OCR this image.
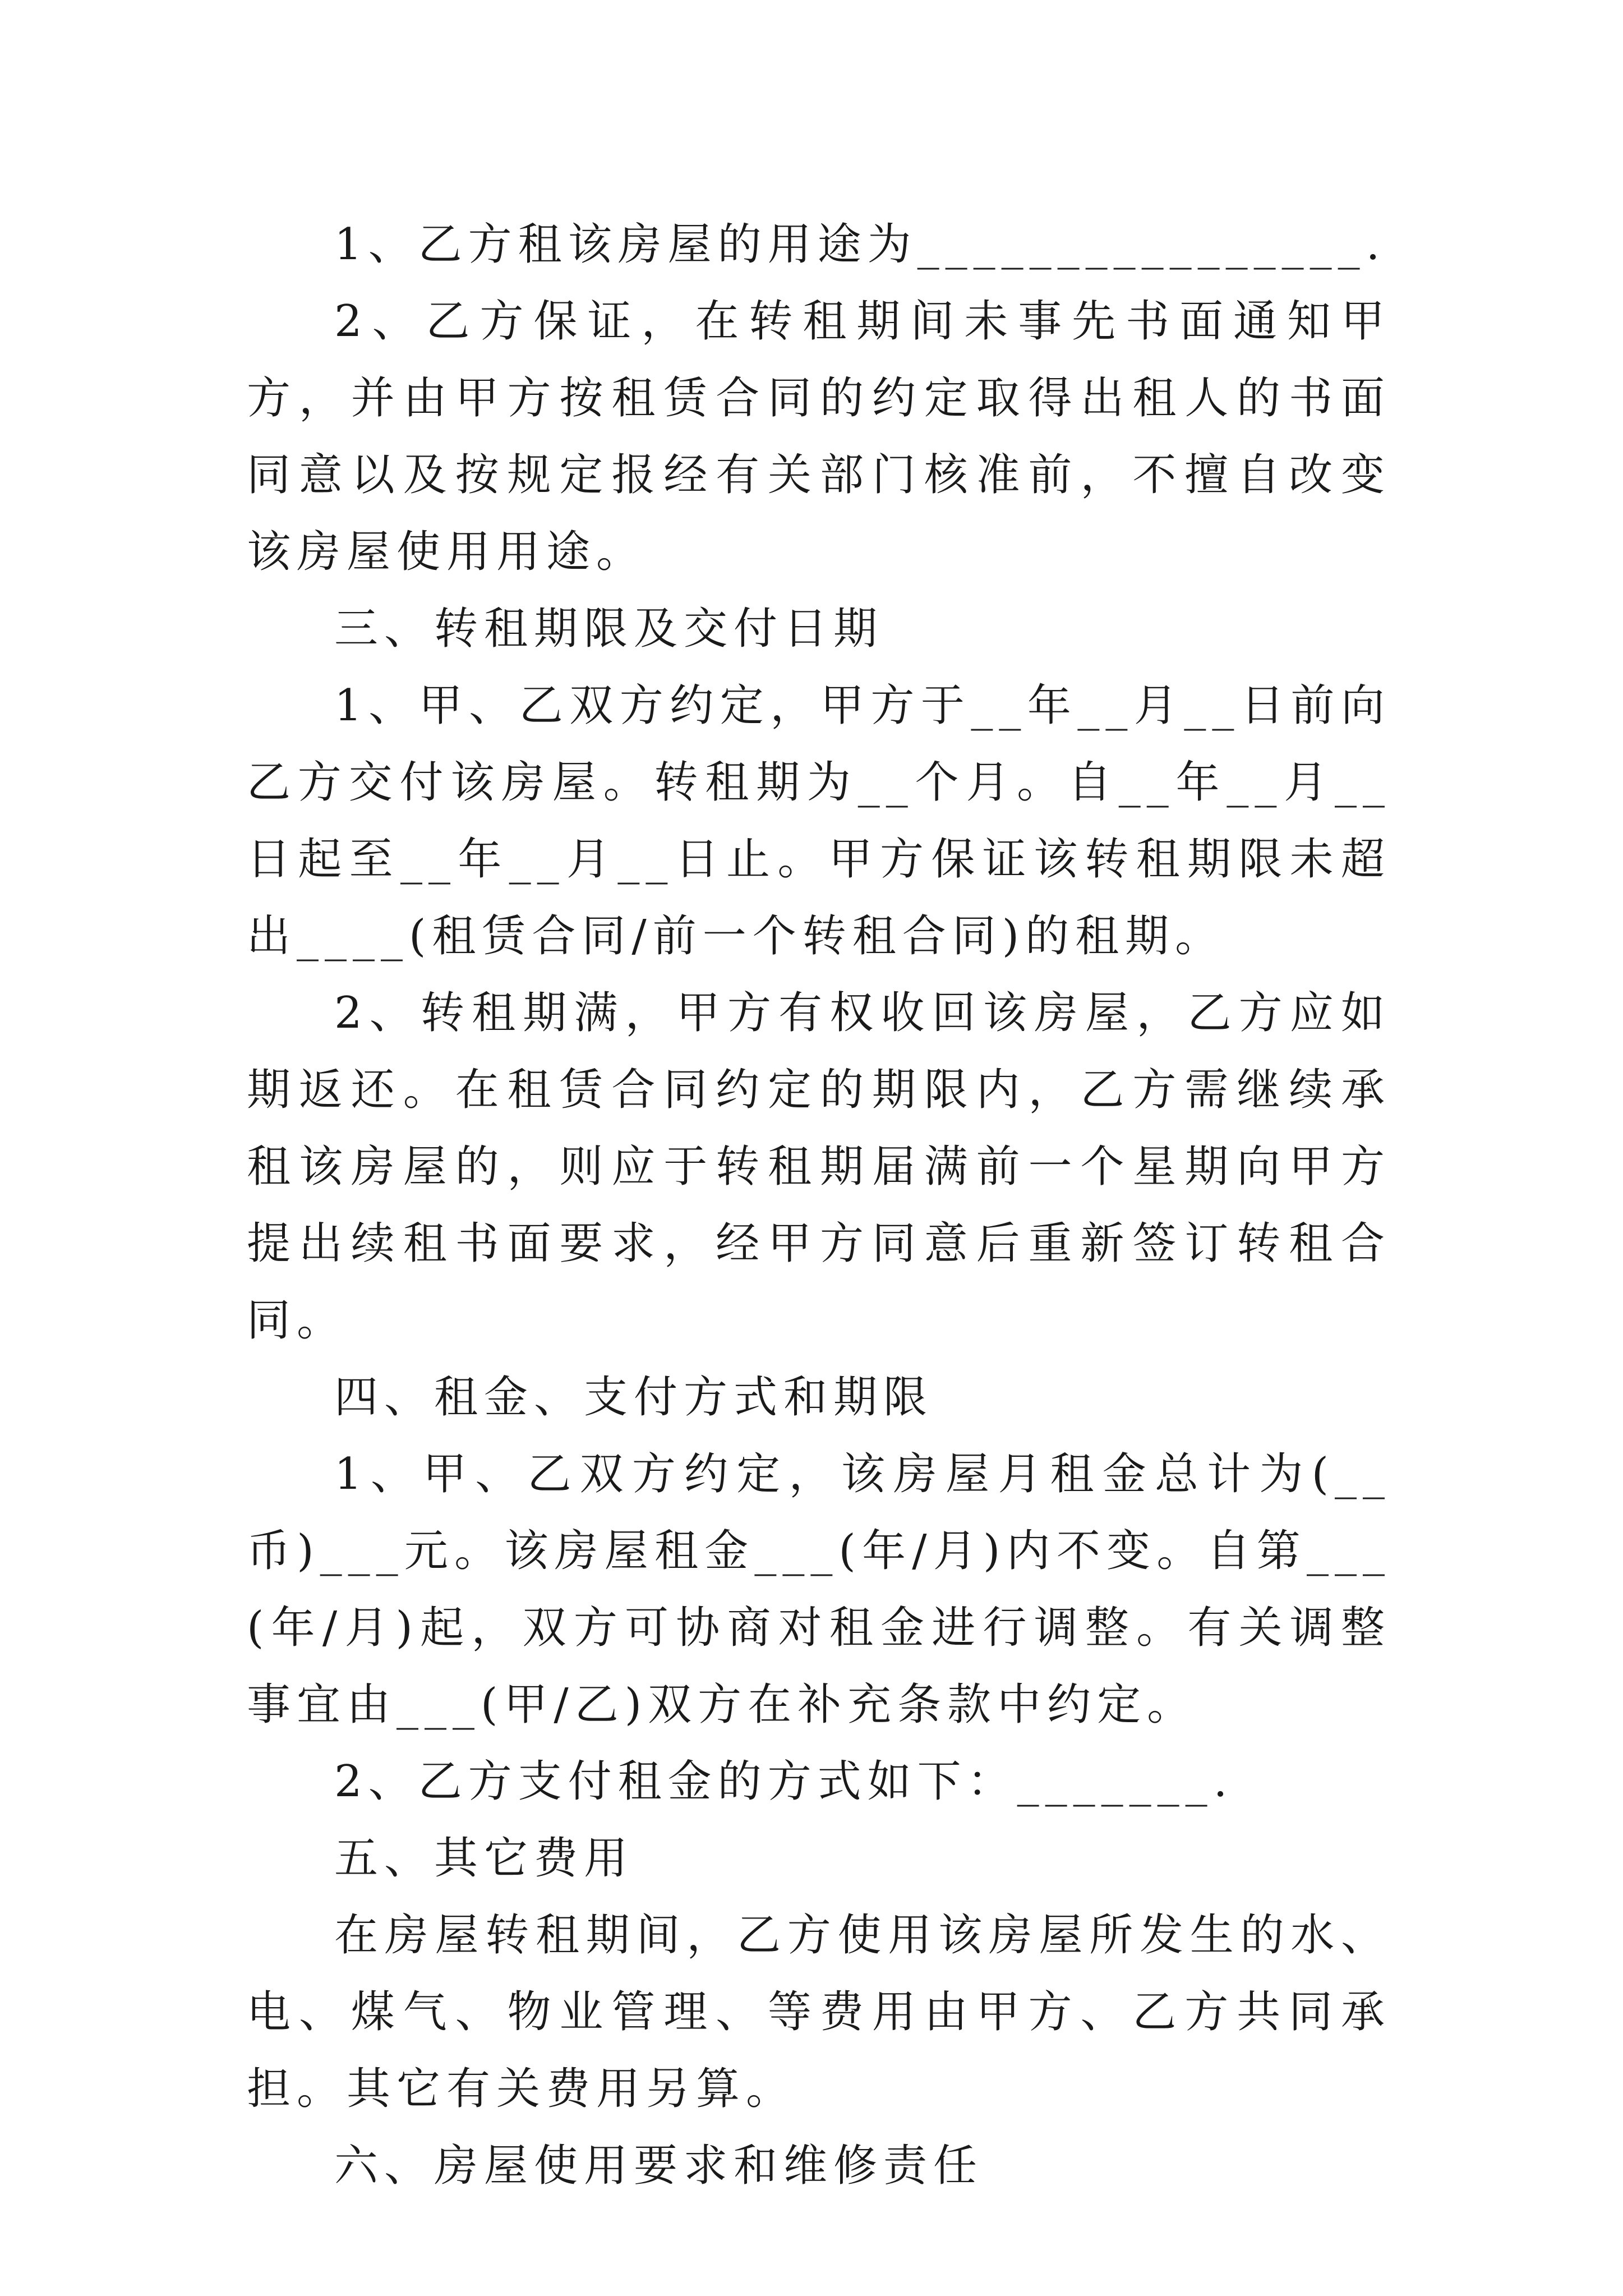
1、乙方租该房屋的用途为________________.

2、乙方保证，在转租期间未事先书面通知甲方，并由甲方按租赁合同的约定取得出租人的书面同意以及按规定报经有关部门核准前，不擅自改变该房屋使用用途。

三、转租期限及交付日期

1、甲、乙双方约定，甲方于__年__月__日前向乙方交付该房屋。转租期为__个月。自__年__月__日起至__年__月__日止。甲方保证该转租期限未超出____(租赁合同/前一个转租合同)的租期。

2、转租期满，甲方有权收回该房屋，乙方应如期返还。在租赁合同约定的期限内，乙方需继续承租该房屋的，则应于转租期届满前一个星期向甲方提出续租书面要求，经甲方同意后重新签订转租合同。

四、租金、支付方式和期限

1、甲、乙双方约定，该房屋月租金总计为(__币)___元。该房屋租金___(年/月)内不变。自第___(年/月)起，双方可协商对租金进行调整。有关调整事宜由___(甲/乙)双方在补充条款中约定。

2、乙方支付租金的方式如下：_______.

五、其它费用

在房屋转租期间，乙方使用该房屋所发生的水、电、煤气、物业管理、等费用由甲方、乙方共同承担。其它有关费用另算。

六、房屋使用要求和维修责任
